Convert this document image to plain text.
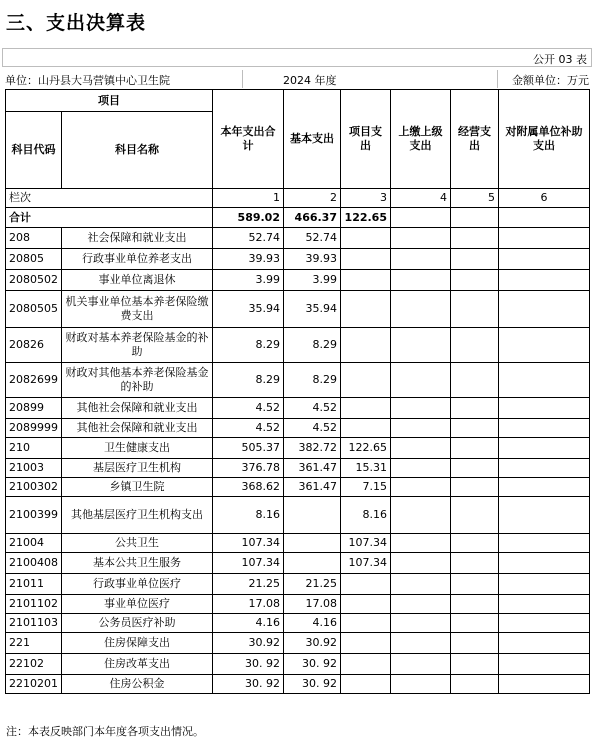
三、支出决算表
公开 03 表
单位：山丹县大马营镇中心卫生院	2024 年度	金额单位：万元
项目		本年支出合计	基本支出	项目支出	上缴上级支出	经营支出	对附属单位补助支出
科目代码	科目名称						
栏次		1	2	3	4	5	6
合计		589.02	466.37	122.65			
208	社会保障和就业支出	52.74	52.74				
20805	行政事业单位养老支出	39.93	39.93				
2080502	事业单位离退休	3.99	3.99				
2080505	机关事业单位基本养老保险缴费支出	35.94	35.94				
20826	财政对基本养老保险基金的补助	8.29	8.29				
2082699	财政对其他基本养老保险基金的补助	8.29	8.29				
20899	其他社会保障和就业支出	4.52	4.52				
2089999	其他社会保障和就业支出	4.52	4.52				
210	卫生健康支出	505.37	382.72	122.65			
21003	基层医疗卫生机构	376.78	361.47	15.31			
2100302	乡镇卫生院	368.62	361.47	7.15			
2100399	其他基层医疗卫生机构支出	8.16		8.16			
21004	公共卫生	107.34		107.34			
2100408	基本公共卫生服务	107.34		107.34			
21011	行政事业单位医疗	21.25	21.25				
2101102	事业单位医疗	17.08	17.08				
2101103	公务员医疗补助	4.16	4.16				
221	住房保障支出	30.92	30.92				
22102	住房改革支出	30. 92	30. 92				
2210201	住房公积金	30. 92	30. 92				
注：本表反映部门本年度各项支出情况。
